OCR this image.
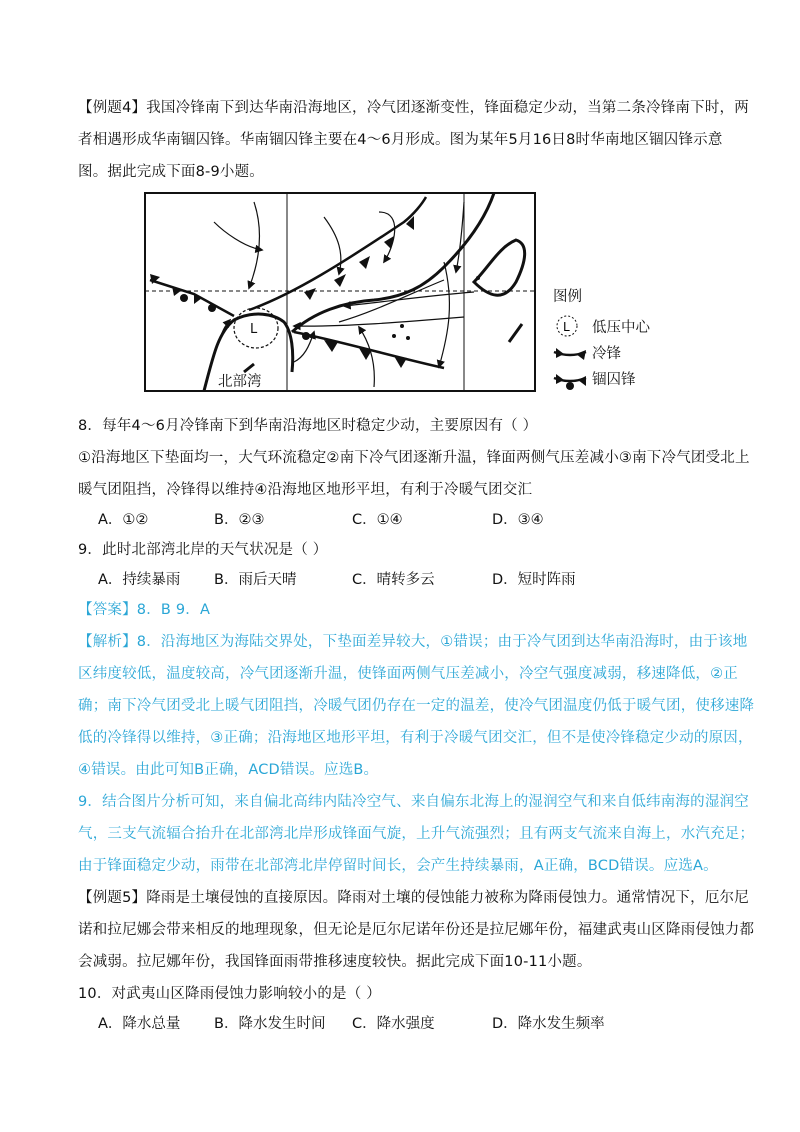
【例题4】我国冷锋南下到达华南沿海地区，冷气团逐渐变性，锋面稳定少动，当第二条冷锋南下时，两
者相遇形成华南锢囚锋。华南锢囚锋主要在4～6月形成。图为某年5月16日8时华南地区锢囚锋示意
图。据此完成下面8-9小题。
L
北部湾
图例
L 低压中心
冷锋
锢囚锋
8．每年4～6月冷锋南下到华南沿海地区时稳定少动，主要原因有（ ）
①沿海地区下垫面均一，大气环流稳定②南下冷气团逐渐升温，锋面两侧气压差减小③南下冷气团受北上
暖气团阻挡，冷锋得以维持④沿海地区地形平坦，有利于冷暖气团交汇
A．①②	B．②③	C．①④	D．③④
9．此时北部湾北岸的天气状况是（ ）
A．持续暴雨 B．雨后天晴	C．晴转多云	D．短时阵雨
【答案】8．B 9．A
【解析】8．沿海地区为海陆交界处，下垫面差异较大，①错误；由于冷气团到达华南沿海时，由于该地
区纬度较低，温度较高，冷气团逐渐升温，使锋面两侧气压差减小，冷空气强度减弱，移速降低，②正
确；南下冷气团受北上暖气团阻挡，冷暖气团仍存在一定的温差，使冷气团温度仍低于暖气团，使移速降
低的冷锋得以维持，③正确；沿海地区地形平坦，有利于冷暖气团交汇，但不是使冷锋稳定少动的原因，
④错误。由此可知B正确，ACD错误。应选B。
9．结合图片分析可知，来自偏北高纬内陆冷空气、来自偏东北海上的湿润空气和来自低纬南海的湿润空
气，三支气流辐合抬升在北部湾北岸形成锋面气旋，上升气流强烈；且有两支气流来自海上，水汽充足；
由于锋面稳定少动，雨带在北部湾北岸停留时间长，会产生持续暴雨，A正确，BCD错误。应选A。
【例题5】降雨是土壤侵蚀的直接原因。降雨对土壤的侵蚀能力被称为降雨侵蚀力。通常情况下，厄尔尼
诺和拉尼娜会带来相反的地理现象，但无论是厄尔尼诺年份还是拉尼娜年份，福建武夷山区降雨侵蚀力都
会减弱。拉尼娜年份，我国锋面雨带推移速度较快。据此完成下面10-11小题。
10．对武夷山区降雨侵蚀力影响较小的是（ ）
A．降水总量 B．降水发生时间 C．降水强度	D．降水发生频率
